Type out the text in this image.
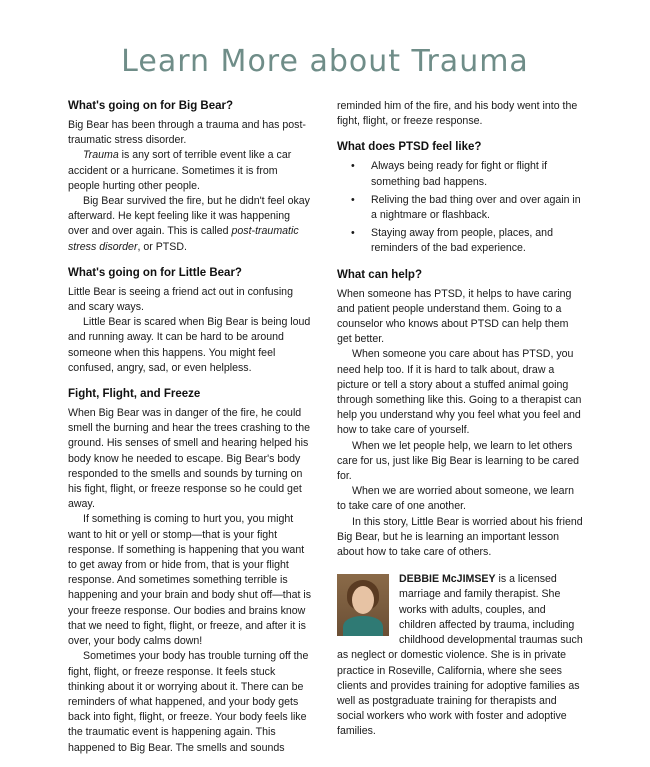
Learn More about Trauma
What's going on for Big Bear?

Big Bear has been through a trauma and has post-traumatic stress disorder.

Trauma is any sort of terrible event like a car accident or a hurricane. Sometimes it is from people hurting other people.

Big Bear survived the fire, but he didn't feel okay afterward. He kept feeling like it was happening over and over again. This is called post-traumatic stress disorder, or PTSD.

What's going on for Little Bear?

Little Bear is seeing a friend act out in confusing and scary ways.

Little Bear is scared when Big Bear is being loud and running away. It can be hard to be around someone when this happens. You might feel confused, angry, sad, or even helpless.

Fight, Flight, and Freeze

When Big Bear was in danger of the fire, he could smell the burning and hear the trees crashing to the ground. His senses of smell and hearing helped his body know he needed to escape. Big Bear's body responded to the smells and sounds by turning on his fight, flight, or freeze response so he could get away.

If something is coming to hurt you, you might want to hit or yell or stomp—that is your fight response. If something is happening that you want to get away from or hide from, that is your flight response. And sometimes something terrible is happening and your brain and body shut off—that is your freeze response. Our bodies and brains know that we need to fight, flight, or freeze, and after it is over, your body calms down!

Sometimes your body has trouble turning off the fight, flight, or freeze response. It feels stuck thinking about it or worrying about it. There can be reminders of what happened, and your body gets back into fight, flight, or freeze. Your body feels like the traumatic event is happening again. This happened to Big Bear. The smells and sounds

reminded him of the fire, and his body went into the fight, flight, or freeze response.

What does PTSD feel like?
• Always being ready for fight or flight if something bad happens.
• Reliving the bad thing over and over again in a nightmare or flashback.
• Staying away from people, places, and reminders of the bad experience.
What can help?

When someone has PTSD, it helps to have caring and patient people understand them. Going to a counselor who knows about PTSD can help them get better.

When someone you care about has PTSD, you need help too. If it is hard to talk about, draw a picture or tell a story about a stuffed animal going through something like this. Going to a therapist can help you understand why you feel what you feel and how to take care of yourself.

When we let people help, we learn to let others care for us, just like Big Bear is learning to be cared for.

When we are worried about someone, we learn to take care of one another.

In this story, Little Bear is worried about his friend Big Bear, but he is learning an important lesson about how to take care of others.

DEBBIE McJIMSEY is a licensed marriage and family therapist. She works with adults, couples, and children affected by trauma, including childhood developmental traumas such as neglect or domestic violence. She is in private practice in Roseville, California, where she sees clients and provides training for adoptive families as well as postgraduate training for therapists and social workers who work with foster and adoptive families.
